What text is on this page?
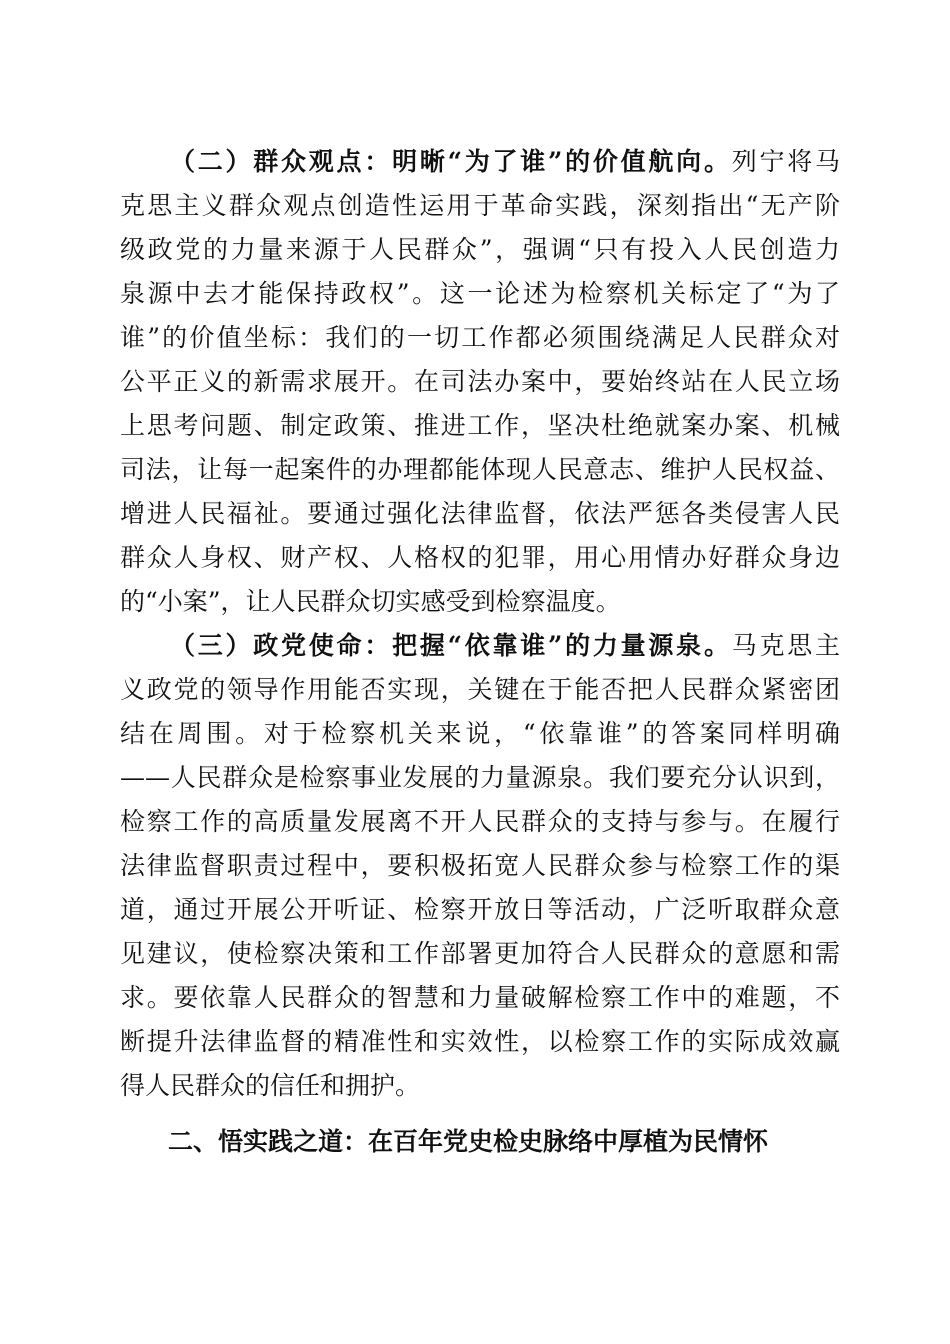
（二）群众观点：明晰“为了谁”的价值航向。列宁将马
克思主义群众观点创造性运用于革命实践，深刻指出“无产阶
级政党的力量来源于人民群众”，强调“只有投入人民创造力
泉源中去才能保持政权”。这一论述为检察机关标定了“为了
谁”的价值坐标：我们的一切工作都必须围绕满足人民群众对
公平正义的新需求展开。在司法办案中，要始终站在人民立场
上思考问题、制定政策、推进工作，坚决杜绝就案办案、机械
司法，让每一起案件的办理都能体现人民意志、维护人民权益、
增进人民福祉。要通过强化法律监督，依法严惩各类侵害人民
群众人身权、财产权、人格权的犯罪，用心用情办好群众身边
的“小案”，让人民群众切实感受到检察温度。
（三）政党使命：把握“依靠谁”的力量源泉。马克思主
义政党的领导作用能否实现，关键在于能否把人民群众紧密团
结在周围。对于检察机关来说，“依靠谁”的答案同样明确
——人民群众是检察事业发展的力量源泉。我们要充分认识到，
检察工作的高质量发展离不开人民群众的支持与参与。在履行
法律监督职责过程中，要积极拓宽人民群众参与检察工作的渠
道，通过开展公开听证、检察开放日等活动，广泛听取群众意
见建议，使检察决策和工作部署更加符合人民群众的意愿和需
求。要依靠人民群众的智慧和力量破解检察工作中的难题，不
断提升法律监督的精准性和实效性，以检察工作的实际成效赢
得人民群众的信任和拥护。
二、悟实践之道：在百年党史检史脉络中厚植为民情怀
